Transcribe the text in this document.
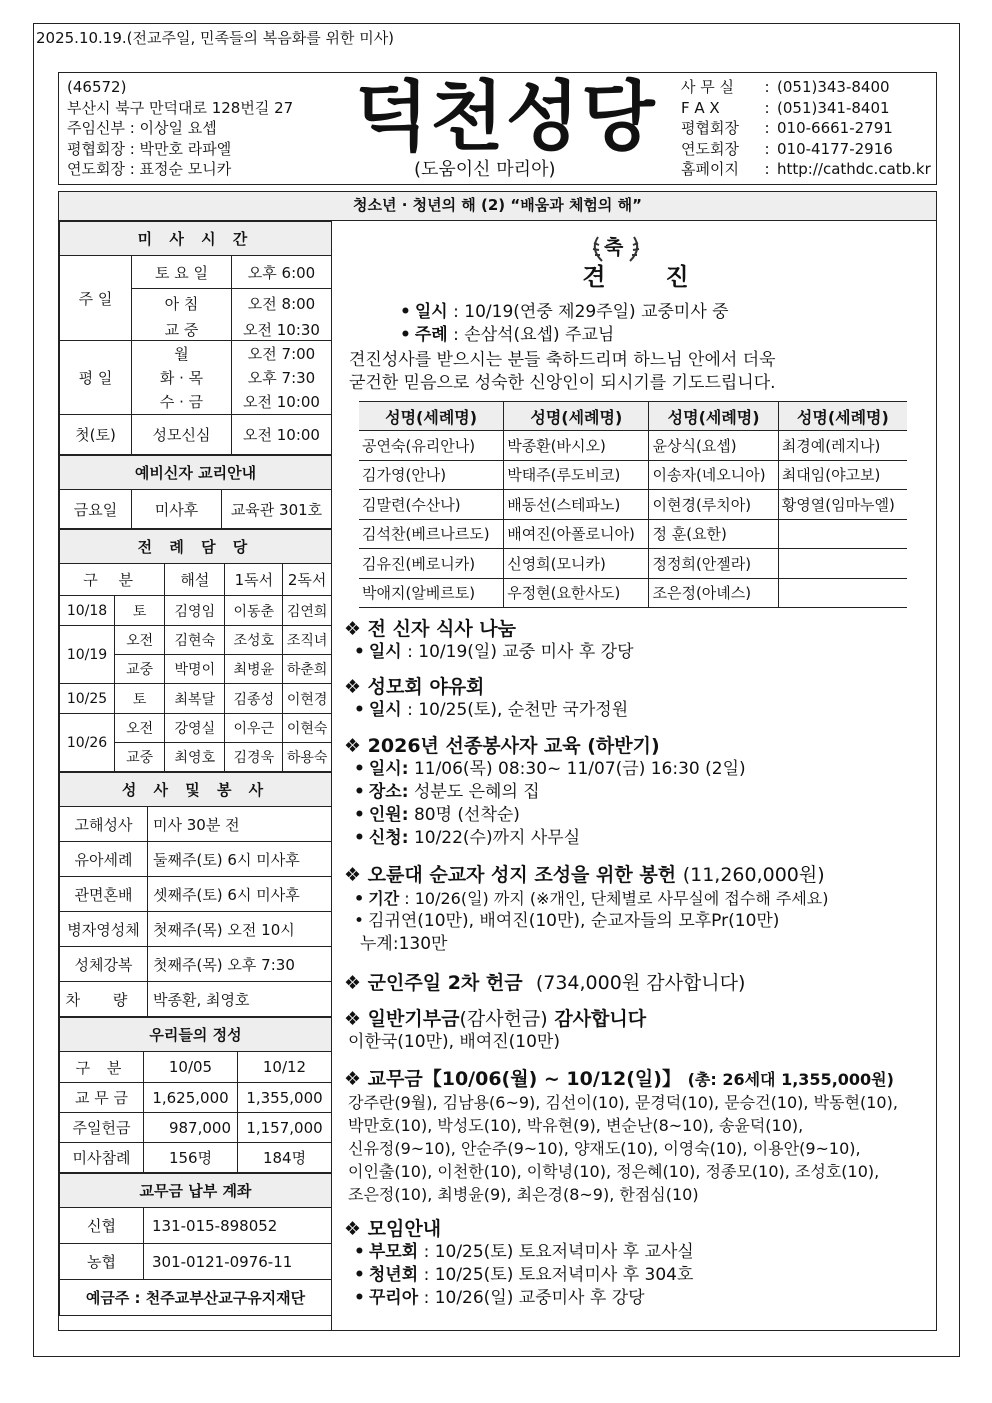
2025.10.19.(전교주일, 민족들의 복음화를 위한 미사)
(46572)
부산시 북구 만덕대로 128번길 27
주임신부 : 이상일 요셉
평협회장 : 박만호 라파엘
연도회장 : 표정순 모니카
덕천성당
(도움이신 마리아)
사 무 실	: (051)343-8400
F A X	: (051)341-8401
평협회장	: 010-6661-2791
연도회장	: 010-4177-2916
홈페이지	: http://cathdc.catb.kr
청소년 · 청년의 해 (2) “배움과 체험의 해”
미 사 시 간		
주 일	토 요 일	오후 6:00
	아 침	오전 8:00
	교 중	오전 10:30
평 일	월	오전 7:00
	화 · 목	오후 7:30
	수 · 금	오전 10:00
첫(토)	성모신심	오전 10:00
예비신자 교리안내
금요일	미사후	교육관 301호
전 례 담 당				
구 분		해설	1독서	2독서
10/18	토	김영임	이동춘	김연희
10/19	오전	김현숙	조성호	조직녀
	교중	박명이	최병윤	하춘희
10/25	토	최복달	김종성	이현경
10/26	오전	강영실	이우근	이현숙
	교중	최영호	김경욱	하용숙
성 사 및 봉 사	
고해성사	미사 30분 전
유아세례	둘째주(토) 6시 미사후
관면혼배	셋째주(토) 6시 미사후
병자영성체	첫째주(목) 오전 10시
성체강복	첫째주(목) 오후 7:30
차 량	박종환, 최영호
우리들의 정성		
구 분	10/05	10/12
교 무 금	1,625,000	1,355,000
주일헌금	987,000	1,157,000
미사참례	156명	184명
교무금 납부 계좌	
신협	131-015-898052
농협	301-0121-0976-11
예금주 : 천주교부산교구유지재단	
축
견진
• 일시 : 10/19(연중 제29주일) 교중미사 중
• 주례 : 손삼석(요셉) 주교님
견진성사를 받으시는 분들 축하드리며 하느님 안에서 더욱
굳건한 믿음으로 성숙한 신앙인이 되시기를 기도드립니다.
성명(세례명)	성명(세례명)	성명(세례명)	성명(세례명)
공연숙(유리안나)	박종환(바시오)	윤상식(요셉)	최경예(레지나)
김가영(안나)	박태주(루도비코)	이송자(네오니아)	최대임(야고보)
김말련(수산나)	배동선(스테파노)	이현경(루치아)	황영열(임마누엘)
김석찬(베르나르도)	배여진(아폴로니아)	정 훈(요한)	
김유진(베로니카)	신영희(모니카)	정정희(안젤라)	
박애지(알베르토)	우정현(요한사도)	조은정(아녜스)	
❖ 전 신자 식사 나눔
• 일시 : 10/19(일) 교중 미사 후 강당
❖ 성모회 야유회
• 일시 : 10/25(토), 순천만 국가정원
❖ 2026년 선종봉사자 교육 (하반기)
• 일시: 11/06(목) 08:30~ 11/07(금) 16:30 (2일)
• 장소: 성분도 은혜의 집
• 인원: 80명 (선착순)
• 신청: 10/22(수)까지 사무실
❖ 오륜대 순교자 성지 조성을 위한 봉헌 (11,260,000원)
• 기간 : 10/26(일) 까지 (※개인, 단체별로 사무실에 접수해 주세요)
• 김귀연(10만), 배여진(10만), 순교자들의 모후Pr(10만)
누계:130만
❖ 군인주일 2차 헌금 (734,000원 감사합니다)
❖ 일반기부금(감사헌금) 감사합니다
이한국(10만), 배여진(10만)
❖ 교무금【10/06(월) ~ 10/12(일)】 (총: 26세대 1,355,000원)
강주란(9월), 김남용(6~9), 김선이(10), 문경덕(10), 문승건(10), 박동현(10),
박만호(10), 박성도(10), 박유현(9), 변순난(8~10), 송윤덕(10),
신유정(9~10), 안순주(9~10), 양재도(10), 이영숙(10), 이용안(9~10),
이인출(10), 이천한(10), 이학녕(10), 정은혜(10), 정종모(10), 조성호(10),
조은정(10), 최병윤(9), 최은경(8~9), 한점심(10)
❖ 모임안내
• 부모회 : 10/25(토) 토요저녁미사 후 교사실
• 청년회 : 10/25(토) 토요저녁미사 후 304호
• 꾸리아 : 10/26(일) 교중미사 후 강당
